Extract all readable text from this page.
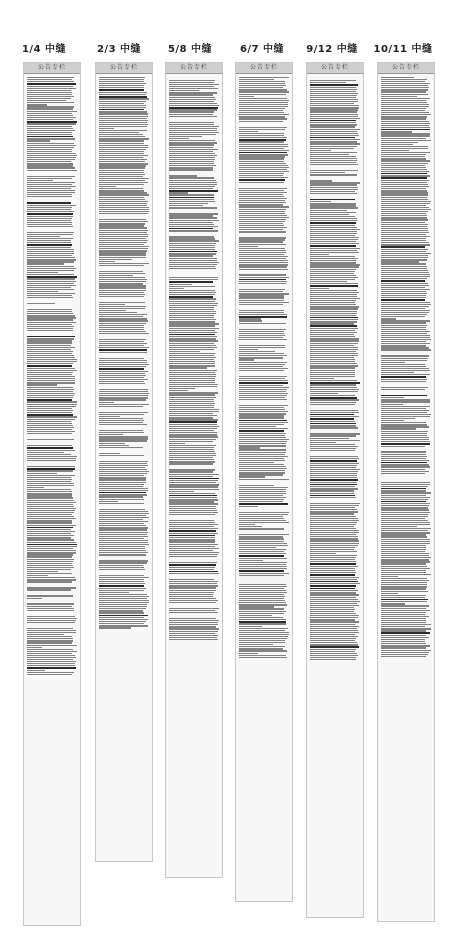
1/4 中缝	2/3 中缝	5/8 中缝	6/7 中缝	9/12 中缝	10/11 中缝
公告专栏	公告专栏	公告专栏	公告专栏	公告专栏	公告专栏
